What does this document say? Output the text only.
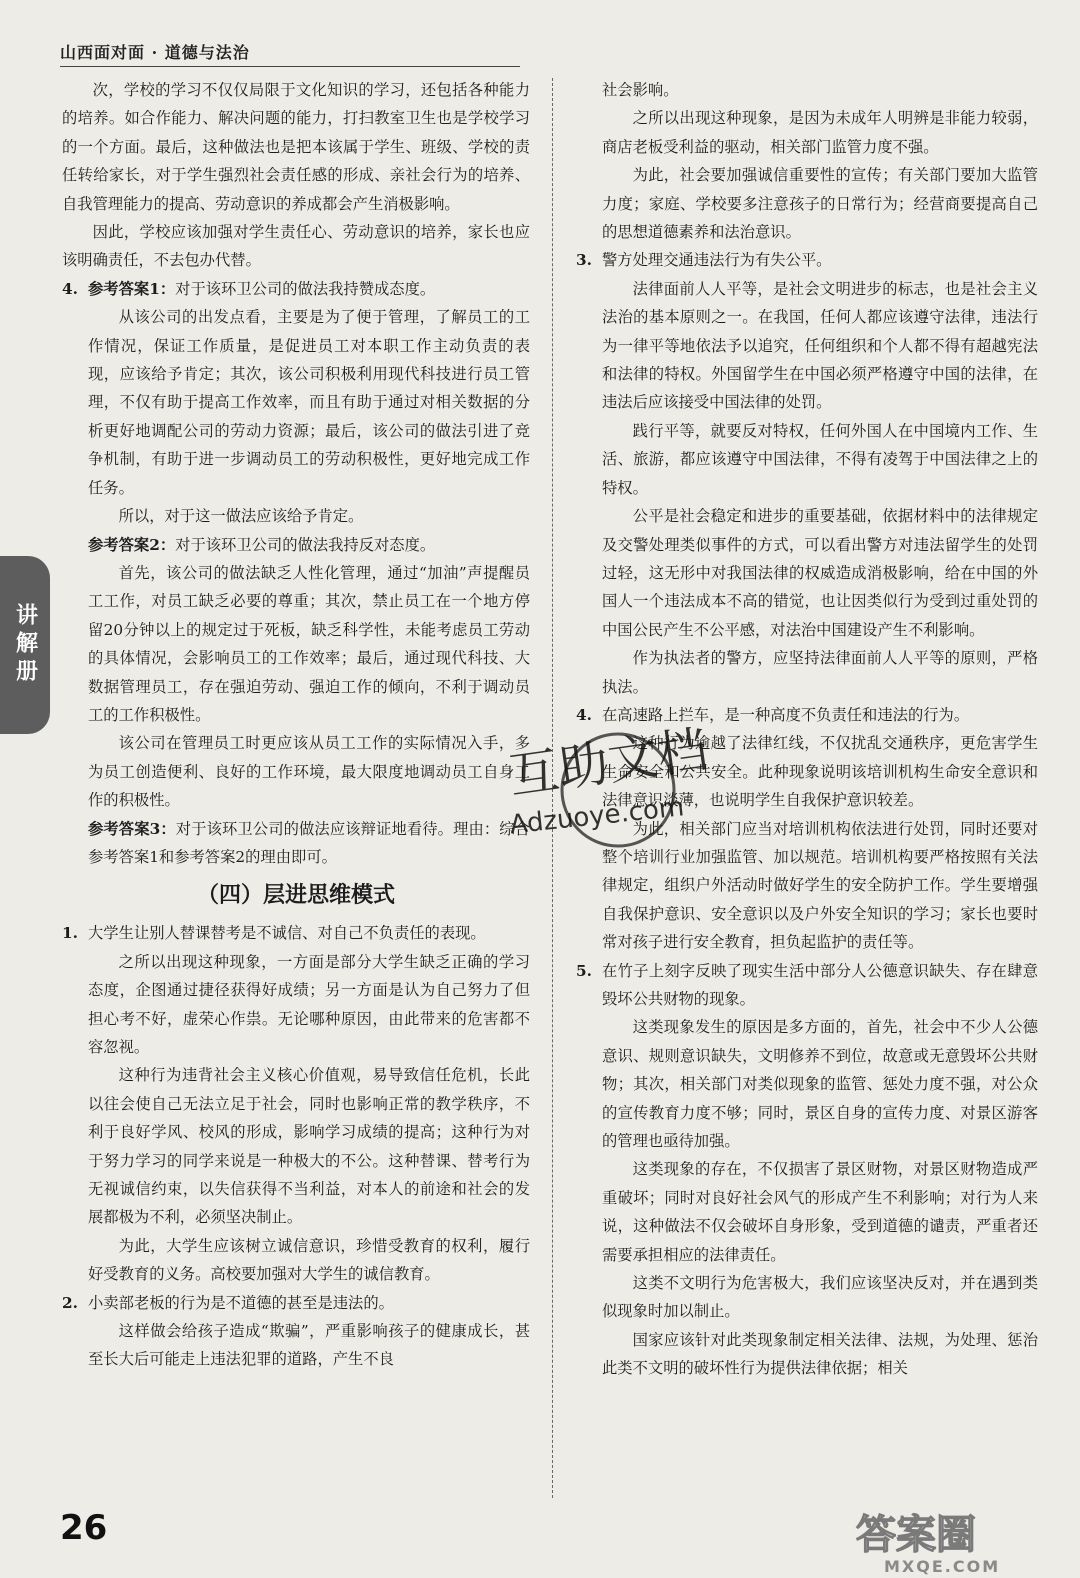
山西面对面 · 道德与法治
讲解册

次，学校的学习不仅仅局限于文化知识的学习，还包括各种能力的培养。如合作能力、解决问题的能力，打扫教室卫生也是学校学习的一个方面。最后，这种做法也是把本该属于学生、班级、学校的责任转给家长，对于学生强烈社会责任感的形成、亲社会行为的培养、自我管理能力的提高、劳动意识的养成都会产生消极影响。

因此，学校应该加强对学生责任心、劳动意识的培养，家长也应该明确责任，不去包办代替。

4. 参考答案1：对于该环卫公司的做法我持赞成态度。

从该公司的出发点看，主要是为了便于管理，了解员工的工作情况，保证工作质量，是促进员工对本职工作主动负责的表现，应该给予肯定；其次，该公司积极利用现代科技进行员工管理，不仅有助于提高工作效率，而且有助于通过对相关数据的分析更好地调配公司的劳动力资源；最后，该公司的做法引进了竞争机制，有助于进一步调动员工的劳动积极性，更好地完成工作任务。

所以，对于这一做法应该给予肯定。

参考答案2：对于该环卫公司的做法我持反对态度。

首先，该公司的做法缺乏人性化管理，通过“加油”声提醒员工工作，对员工缺乏必要的尊重；其次，禁止员工在一个地方停留20分钟以上的规定过于死板，缺乏科学性，未能考虑员工劳动的具体情况，会影响员工的工作效率；最后，通过现代科技、大数据管理员工，存在强迫劳动、强迫工作的倾向，不利于调动员工的工作积极性。

该公司在管理员工时更应该从员工工作的实际情况入手，多为员工创造便利、良好的工作环境，最大限度地调动员工自身工作的积极性。

参考答案3：对于该环卫公司的做法应该辩证地看待。理由：综合参考答案1和参考答案2的理由即可。

（四）层进思维模式
1. 大学生让别人替课替考是不诚信、对自己不负责任的表现。

之所以出现这种现象，一方面是部分大学生缺乏正确的学习态度，企图通过捷径获得好成绩；另一方面是认为自己努力了但担心考不好，虚荣心作祟。无论哪种原因，由此带来的危害都不容忽视。

这种行为违背社会主义核心价值观，易导致信任危机，长此以往会使自己无法立足于社会，同时也影响正常的教学秩序，不利于良好学风、校风的形成，影响学习成绩的提高；这种行为对于努力学习的同学来说是一种极大的不公。这种替课、替考行为无视诚信约束，以失信获得不当利益，对本人的前途和社会的发展都极为不利，必须坚决制止。

为此，大学生应该树立诚信意识，珍惜受教育的权利，履行好受教育的义务。高校要加强对大学生的诚信教育。

2. 小卖部老板的行为是不道德的甚至是违法的。

这样做会给孩子造成“欺骗”，严重影响孩子的健康成长，甚至长大后可能走上违法犯罪的道路，产生不良

社会影响。

之所以出现这种现象，是因为未成年人明辨是非能力较弱，商店老板受利益的驱动，相关部门监管力度不强。

为此，社会要加强诚信重要性的宣传；有关部门要加大监管力度；家庭、学校要多注意孩子的日常行为；经营商要提高自己的思想道德素养和法治意识。

3. 警方处理交通违法行为有失公平。

法律面前人人平等，是社会文明进步的标志，也是社会主义法治的基本原则之一。在我国，任何人都应该遵守法律，违法行为一律平等地依法予以追究，任何组织和个人都不得有超越宪法和法律的特权。外国留学生在中国必须严格遵守中国的法律，在违法后应该接受中国法律的处罚。

践行平等，就要反对特权，任何外国人在中国境内工作、生活、旅游，都应该遵守中国法律，不得有凌驾于中国法律之上的特权。

公平是社会稳定和进步的重要基础，依据材料中的法律规定及交警处理类似事件的方式，可以看出警方对违法留学生的处罚过轻，这无形中对我国法律的权威造成消极影响，给在中国的外国人一个违法成本不高的错觉，也让因类似行为受到过重处罚的中国公民产生不公平感，对法治中国建设产生不利影响。

作为执法者的警方，应坚持法律面前人人平等的原则，严格执法。

4. 在高速路上拦车，是一种高度不负责任和违法的行为。

这种行为逾越了法律红线，不仅扰乱交通秩序，更危害学生生命安全和公共安全。此种现象说明该培训机构生命安全意识和法律意识淡薄，也说明学生自我保护意识较差。

为此，相关部门应当对培训机构依法进行处罚，同时还要对整个培训行业加强监管、加以规范。培训机构要严格按照有关法律规定，组织户外活动时做好学生的安全防护工作。学生要增强自我保护意识、安全意识以及户外安全知识的学习；家长也要时常对孩子进行安全教育，担负起监护的责任等。

5. 在竹子上刻字反映了现实生活中部分人公德意识缺失、存在肆意毁坏公共财物的现象。

这类现象发生的原因是多方面的，首先，社会中不少人公德意识、规则意识缺失，文明修养不到位，故意或无意毁坏公共财物；其次，相关部门对类似现象的监管、惩处力度不强，对公众的宣传教育力度不够；同时，景区自身的宣传力度、对景区游客的管理也亟待加强。

这类现象的存在，不仅损害了景区财物，对景区财物造成严重破坏；同时对良好社会风气的形成产生不利影响；对行为人来说，这种做法不仅会破坏自身形象，受到道德的谴责，严重者还需要承担相应的法律责任。

这类不文明行为危害极大，我们应该坚决反对，并在遇到类似现象时加以制止。

国家应该针对此类现象制定相关法律、法规，为处理、惩治此类不文明的破坏性行为提供法律依据；相关

互助文档
Adzuoye.com
26	答案圈
MXQE.COM
